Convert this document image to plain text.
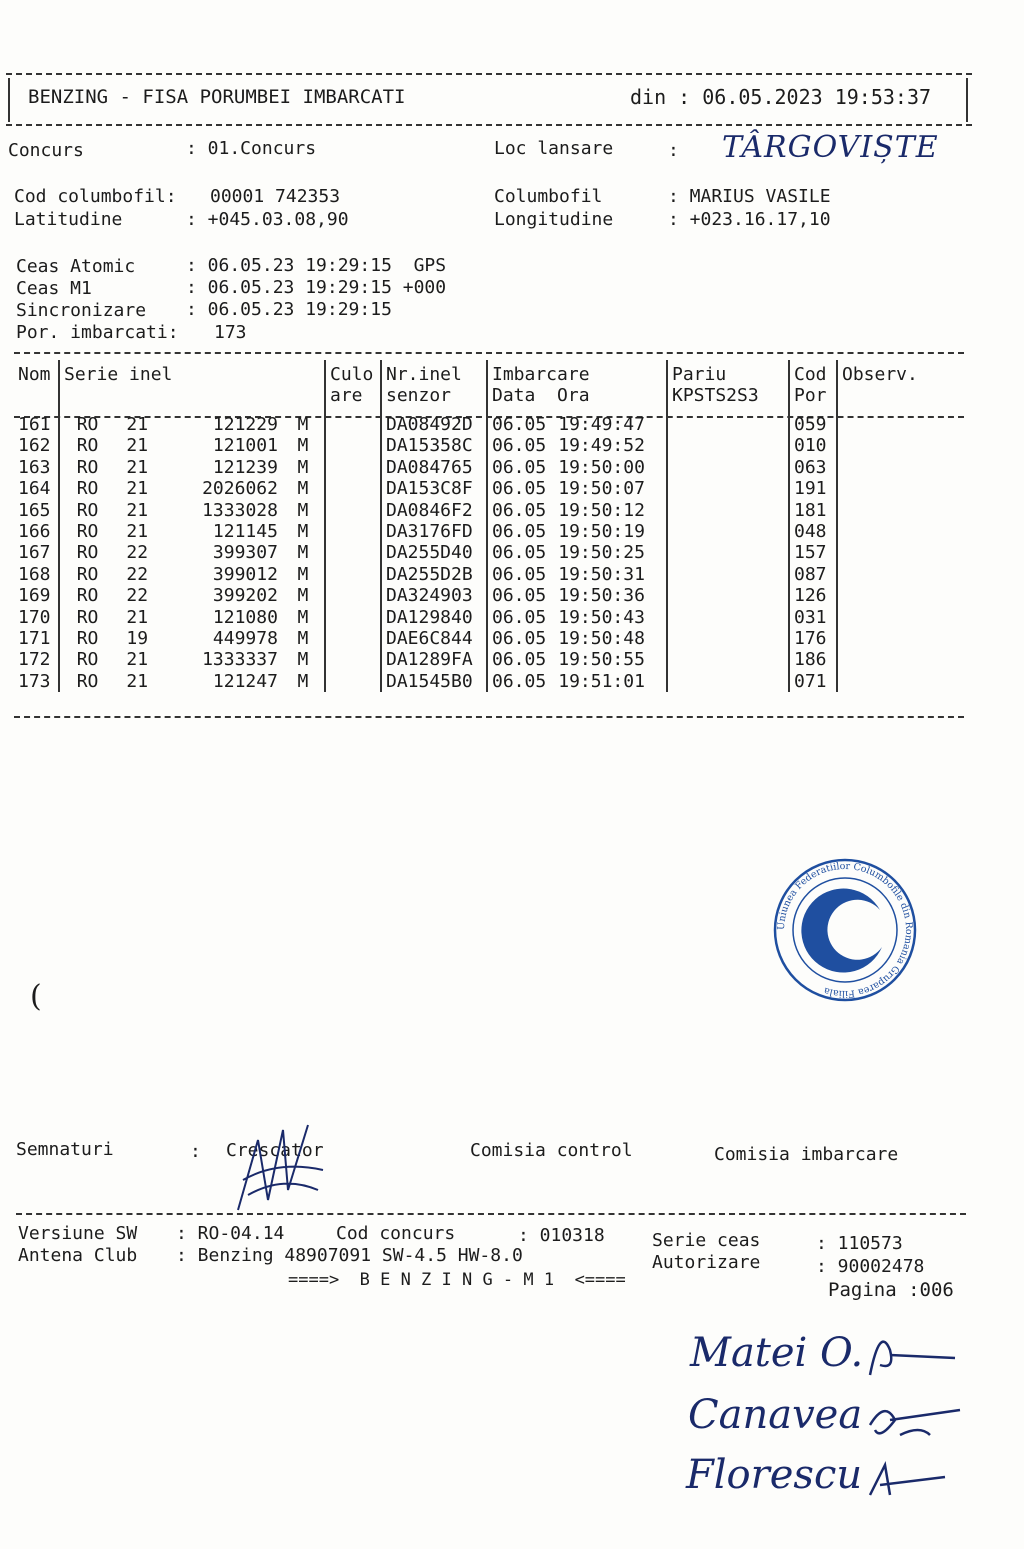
BENZING - FISA PORUMBEI IMBARCATI	din : 06.05.2023 19:53:37
Concurs	: 01.Concurs	Loc lansare	: TÂRGOVIȘTE
Cod columbofil: 00001 742353	Columbofil	: MARIUS VASILE
Latitudine	: +045.03.08,90	Longitudine	: +023.16.17,10
Ceas Atomic	: 06.05.23 19:29:15  GPS
Ceas M1	: 06.05.23 19:29:15 +000
Sincronizare : 06.05.23 19:29:15
Por. imbarcati: 173
Nom	Serie inel				Culo	Nr.inel	Imbarcare		Pariu	Cod	Observ.
					are	senzor	Data  Ora		KPSTS2S3	Por	
161	RO	21	121229	M		DA08492D	06.05	19:49:47		059	
162	RO	21	121001	M		DA15358C	06.05	19:49:52		010	
163	RO	21	121239	M		DA084765	06.05	19:50:00		063	
164	RO	21	2026062	M		DA153C8F	06.05	19:50:07		191	
165	RO	21	1333028	M		DA0846F2	06.05	19:50:12		181	
166	RO	21	121145	M		DA3176FD	06.05	19:50:19		048	
167	RO	22	399307	M		DA255D40	06.05	19:50:25		157	
168	RO	22	399012	M		DA255D2B	06.05	19:50:31		087	
169	RO	22	399202	M		DA324903	06.05	19:50:36		126	
170	RO	21	121080	M		DA129840	06.05	19:50:43		031	
171	RO	19	449978	M		DAE6C844	06.05	19:50:48		176	
172	RO	21	1333337	M		DA1289FA	06.05	19:50:55		186	
173	RO	21	121247	M		DA1545B0	06.05	19:51:01		071	
Uniunea Federatiilor Columbofile din Romania Gruparea Filiala
(
Semnaturi	: Crescator	Comisia control	Comisia imbarcare
Versiune SW : RO-04.14	Cod concurs	: 010318	Serie ceas	: 110573
Antena Club : Benzing 48907091 SW-4.5 HW-8.0	Autorizare	: 90002478
====>  B E N Z I N G - M 1  <====	Pagina :006
Matei O.
Canavea
Florescu
